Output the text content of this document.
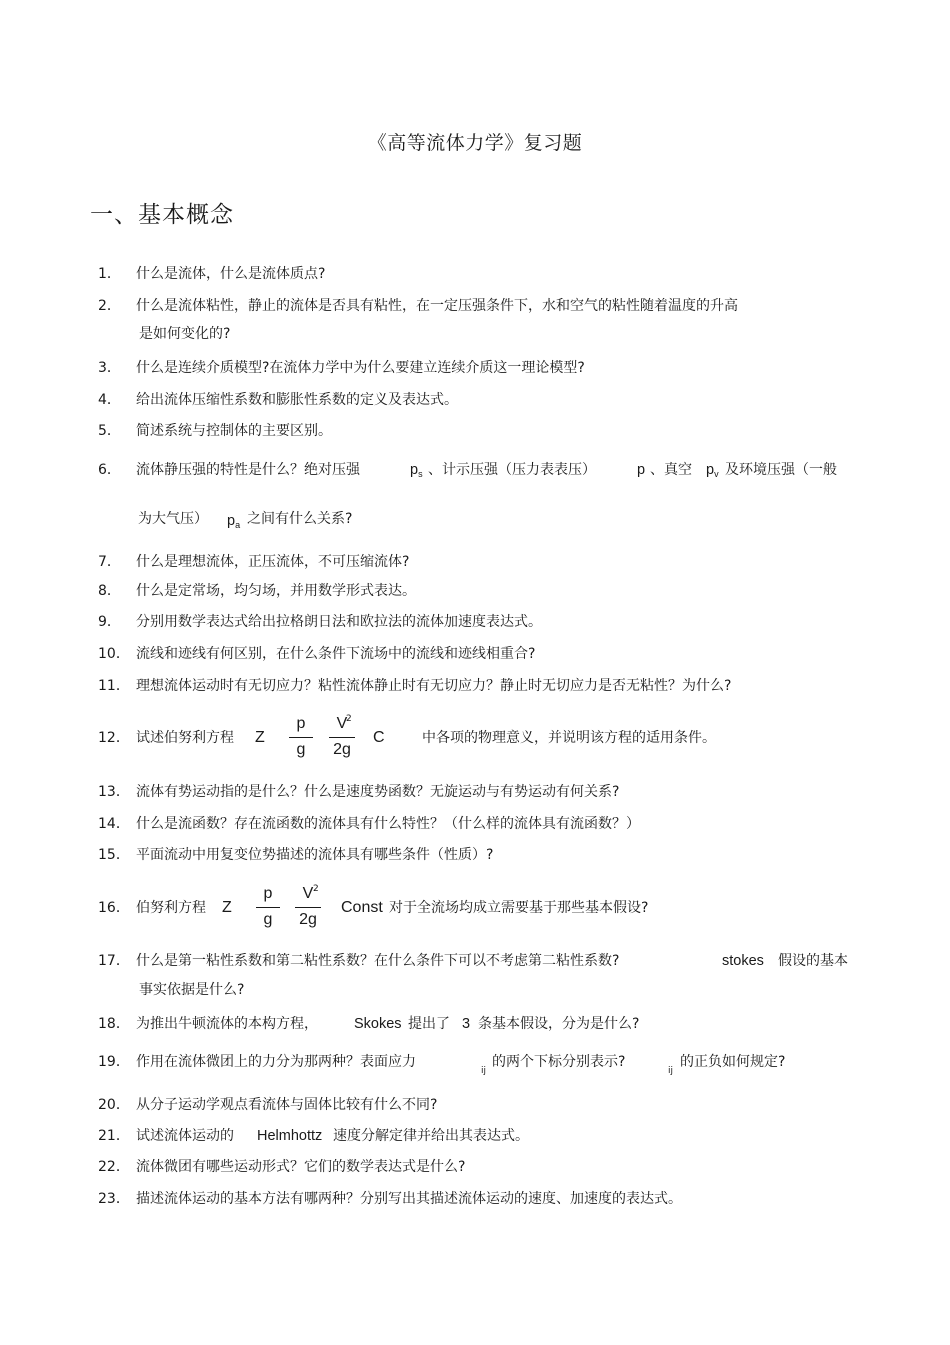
《高等流体力学》复习题
一、基本概念
1．	什么是流体，什么是流体质点?
2．	什么是流体粘性，静止的流体是否具有粘性，在一定压强条件下，水和空气的粘性随着温度的升高
是如何变化的?
3．	什么是连续介质模型?在流体力学中为什么要建立连续介质这一理论模型?
4．	给出流体压缩性系数和膨胀性系数的定义及表达式。
5．	简述系统与控制体的主要区别。
6．	流体静压强的特性是什么？绝对压强	$p_s$ 、计示压强（压力表表压）	p 、真空 $p_v$ 及环境压强（一般
为大气压） $p_a$ 之间有什么关系?
7．	什么是理想流体，正压流体，不可压缩流体?
8．	什么是定常场，均匀场，并用数学形式表达。
9．	分别用数学表达式给出拉格朗日法和欧拉法的流体加速度表达式。
10． 流线和迹线有何区别，在什么条件下流场中的流线和迹线相重合?
11． 理想流体运动时有无切应力？粘性流体静止时有无切应力？静止时无切应力是否无粘性？为什么?
12． 试述伯努利方程 Z
p
g
V
2g
2
C	中各项的物理意义，并说明该方程的适用条件。
13． 流体有势运动指的是什么？什么是速度势函数？无旋运动与有势运动有何关系?
14． 什么是流函数？存在流函数的流体具有什么特性？（什么样的流体具有流函数？）
15． 平面流动中用复变位势描述的流体具有哪些条件（性质）?
16． 伯努利方程 Z
p
g
V
2g
2
Const 对于全流场均成立需要基于那些基本假设?
17． 什么是第一粘性系数和第二粘性系数？在什么条件下可以不考虑第二粘性系数?	stokes 假设的基本
事实依据是什么?
18． 为推出牛顿流体的本构方程， Skokes 提出了 3 条基本假设，分为是什么?
19． 作用在流体微团上的力分为那两种？表面应力
ij
的两个下标分别表示?
ij
的正负如何规定?
20． 从分子运动学观点看流体与固体比较有什么不同?
21． 试述流体运动的 Helmhottz 速度分解定律并给出其表达式。
22． 流体微团有哪些运动形式？它们的数学表达式是什么?
23． 描述流体运动的基本方法有哪两种？分别写出其描述流体运动的速度、加速度的表达式。
